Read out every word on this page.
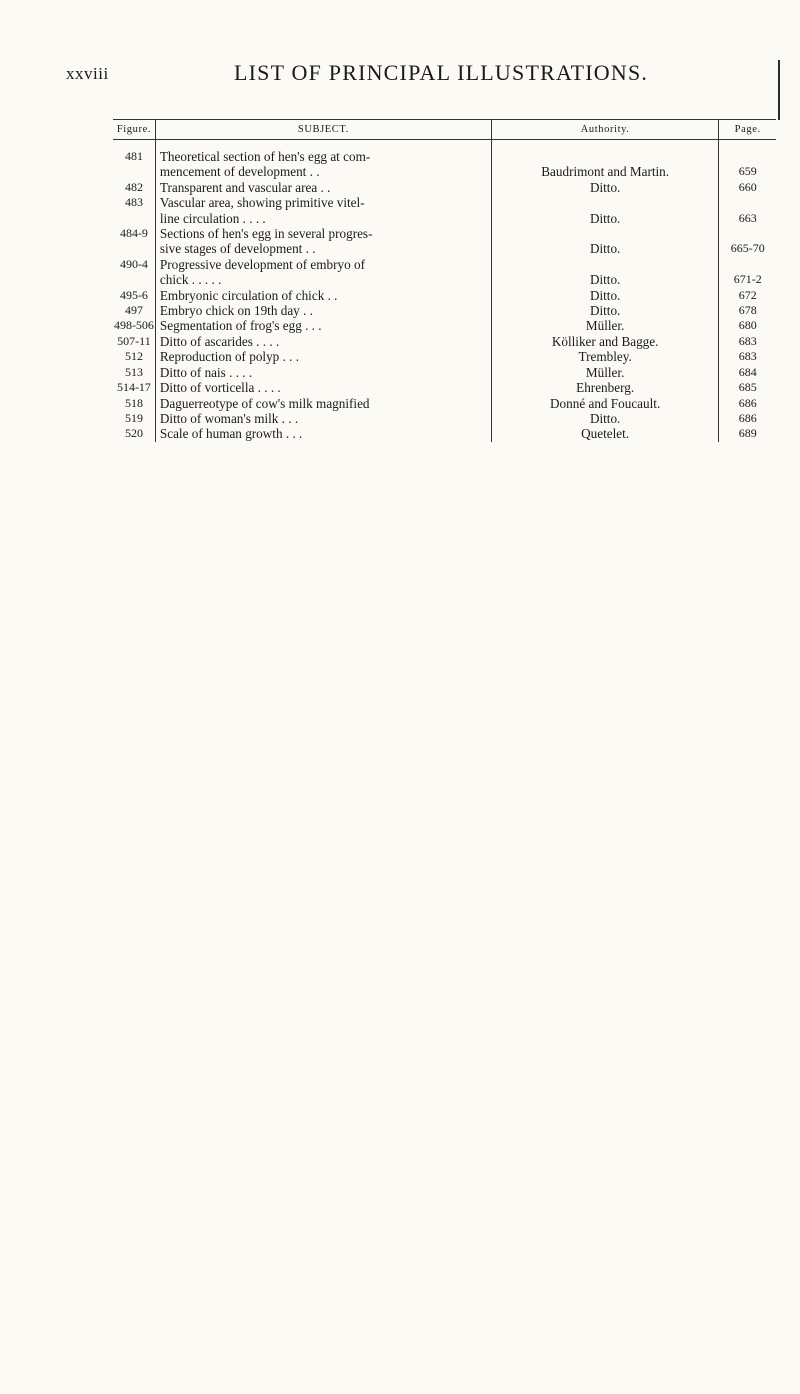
xxviii	LIST OF PRINCIPAL ILLUSTRATIONS.
Figure.	SUBJECT.	Authority.	Page.
481	Theoretical section of hen's egg at com-		
	mencement of development . .	Baudrimont and Martin.	659
482	Transparent and vascular area . .	Ditto.	660
483	Vascular area, showing primitive vitel-		
	line circulation . . . .	Ditto.	663
484-9	Sections of hen's egg in several progres-		
	sive stages of development . .	Ditto.	665-70
490-4	Progressive development of embryo of		
	chick . . . . .	Ditto.	671-2
495-6	Embryonic circulation of chick . .	Ditto.	672
497	Embryo chick on 19th day . .	Ditto.	678
498-506	Segmentation of frog's egg . . .	Müller.	680
507-11	Ditto of ascarides . . . .	Kölliker and Bagge.	683
512	Reproduction of polyp . . .	Trembley.	683
513	Ditto of nais . . . .	Müller.	684
514-17	Ditto of vorticella . . . .	Ehrenberg.	685
518	Daguerreotype of cow's milk magnified	Donné and Foucault.	686
519	Ditto of woman's milk . . .	Ditto.	686
520	Scale of human growth . . .	Quetelet.	689
